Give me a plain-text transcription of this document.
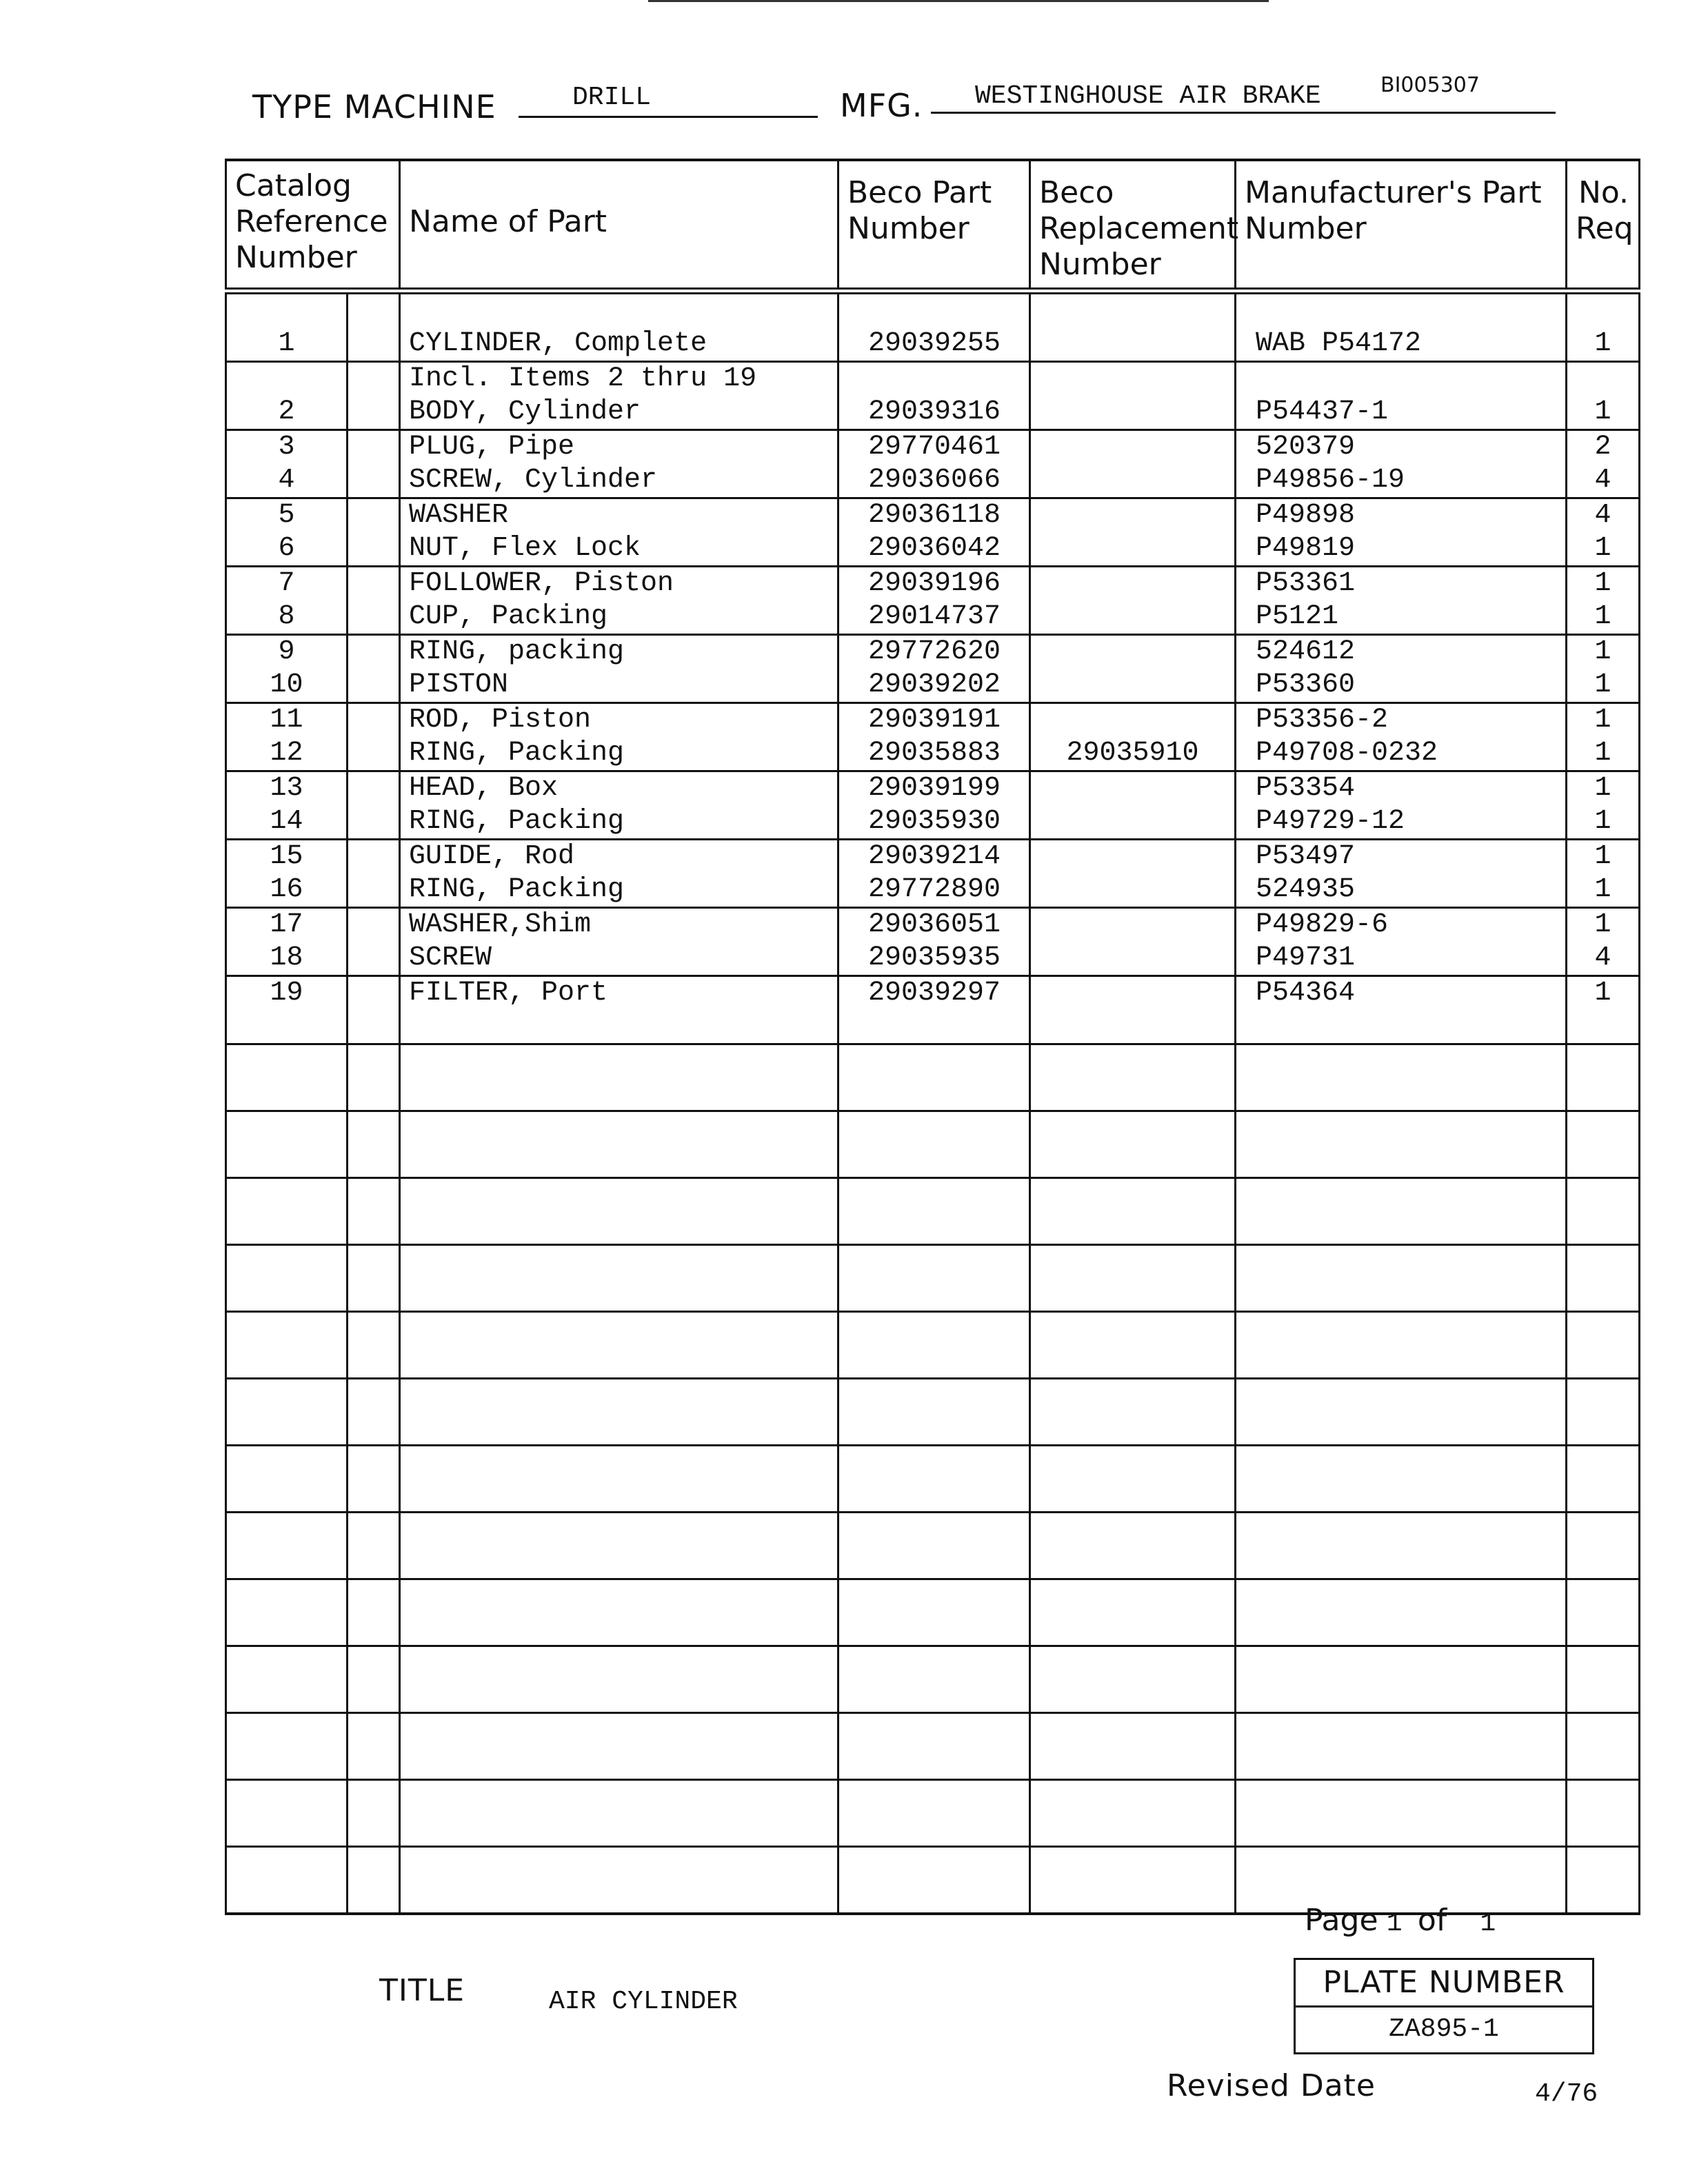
TYPE MACHINE	DRILL	MFG. WESTINGHOUSE AIR BRAKE	BI005307
Catalog Reference Number		Name of Part	Beco Part Number	Beco Replacement Number	Manufacturer's Part Number	No. Req

1		CYLINDER, Complete	29039255		WAB P54172	1
		Incl. Items 2 thru 19				
2		BODY, Cylinder	29039316		P54437-1	1
3		PLUG, Pipe	29770461		520379	2
4		SCREW, Cylinder	29036066		P49856-19	4
5		WASHER	29036118		P49898	4
6		NUT, Flex Lock	29036042		P49819	1
7		FOLLOWER, Piston	29039196		P53361	1
8		CUP, Packing	29014737		P5121	1
9		RING, packing	29772620		524612	1
10		PISTON	29039202		P53360	1
11		ROD, Piston	29039191		P53356-2	1
12		RING, Packing	29035883	29035910	P49708-0232	1
13		HEAD, Box	29039199		P53354	1
14		RING, Packing	29035930		P49729-12	1
15		GUIDE, Rod	29039214		P53497	1
16		RING, Packing	29772890		524935	1
17		WASHER,Shim	29036051		P49829-6	1
18		SCREW	29035935		P49731	4
19		FILTER, Port	29039297		P54364	1

Page 1 of 1
TITLE	AIR CYLINDER
PLATE NUMBER
ZA895-1
Revised Date	4/76
